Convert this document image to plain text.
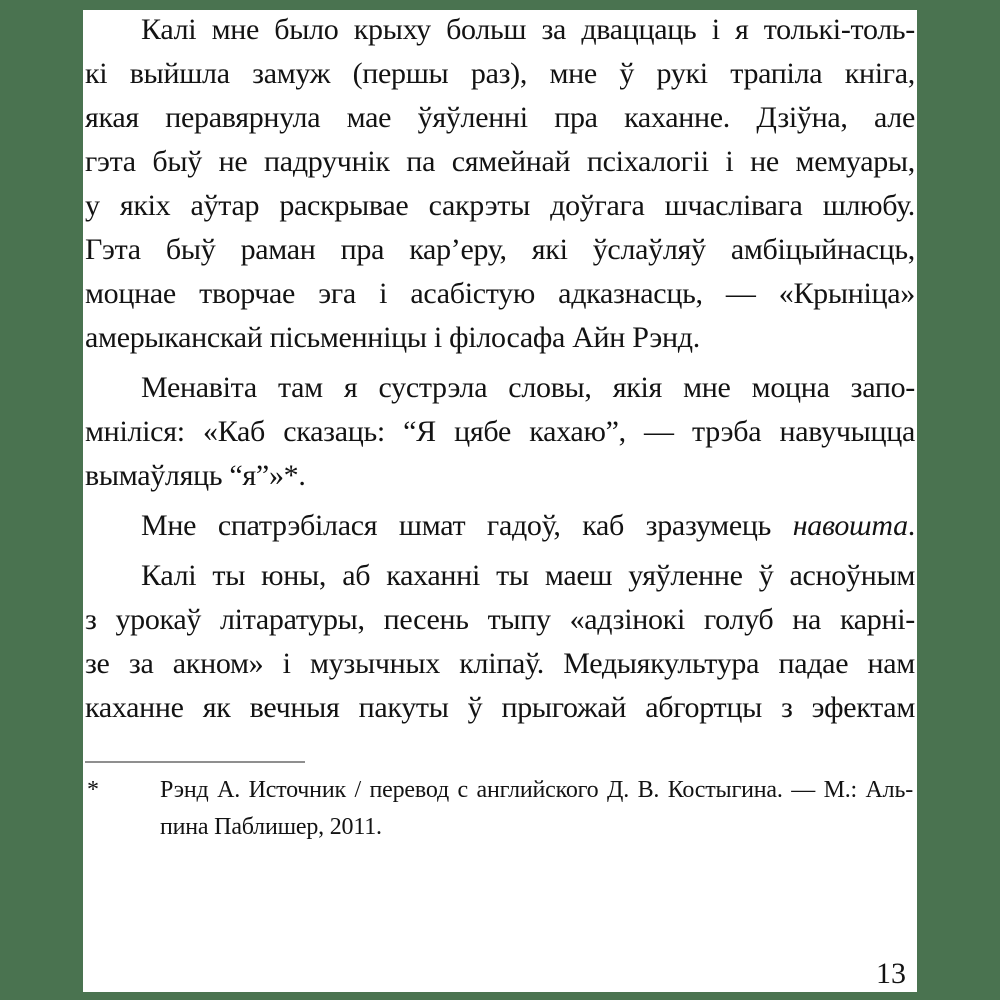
Калі мне было крыху больш за дваццаць і я толькі-толь-
кі выйшла замуж (першы раз), мне ў рукі трапіла кніга,
якая перавярнула мае ўяўленні пра каханне. Дзіўна, але
гэта быў не падручнік па сямейнай псіхалогіі і не мемуары,
у якіх аўтар раскрывае сакрэты доўгага шчаслівага шлюбу.
Гэта быў раман пра кар’еру, які ўслаўляў амбіцыйнасць,
моцнае творчае эга і асабістую адказнасць, — «Крыніца»
амерыканскай пісьменніцы і філосафа Айн Рэнд.
Менавіта там я сустрэла словы, якія мне моцна запо-
мніліся: «Каб сказаць: “Я цябе кахаю”, — трэба навучыцца
вымаўляць “я”»*.
Мне спатрэбілася шмат гадоў, каб зразумець навошта.
Калі ты юны, аб каханні ты маеш уяўленне ў асноўным
з урокаў літаратуры, песень тыпу «адзінокі голуб на карні-
зе за акном» і музычных кліпаў. Медыякультура падае нам
каханне як вечныя пакуты ў прыгожай абгортцы з эфектам
*	Рэнд А. Источник / перевод с английского Д. В. Костыгина. — М.: Аль-
пина Паблишер, 2011.
13
